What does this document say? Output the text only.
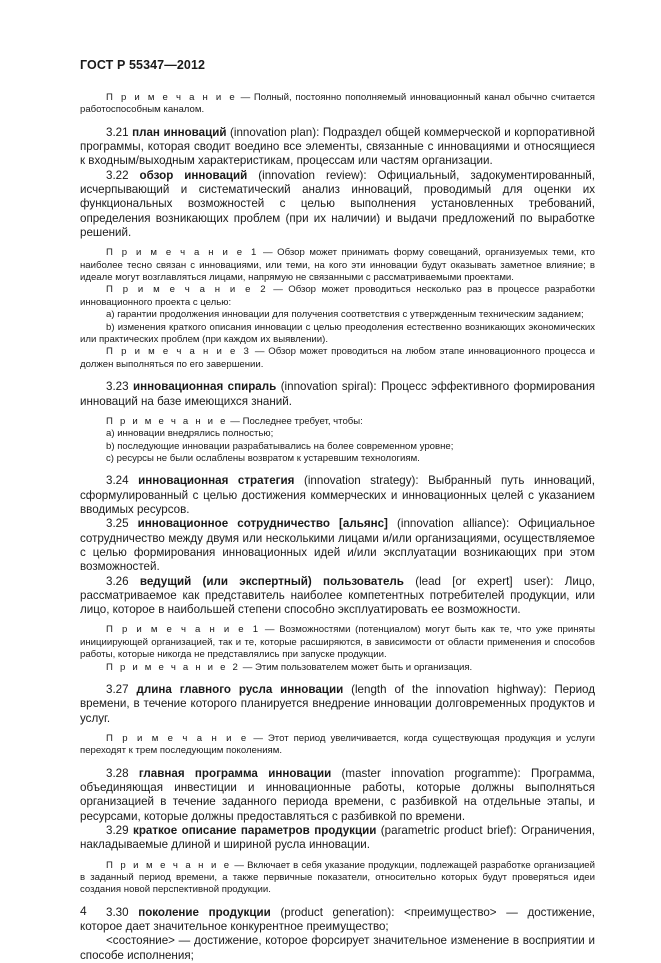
ГОСТ Р 55347—2012

П р и м е ч а н и е — Полный, постоянно пополняемый инновационный канал обычно считается работоспособным каналом.

3.21 план инноваций (innovation plan): Подраздел общей коммерческой и корпоративной программы, которая сводит воедино все элементы, связанные с инновациями и относящиеся к входным/выходным характеристикам, процессам или частям организации.

3.22 обзор инноваций (innovation review): Официальный, задокументированный, исчерпывающий и систематический анализ инноваций, проводимый для оценки их функциональных возможностей с целью выполнения установленных требований, определения возникающих проблем (при их наличии) и выдачи предложений по выработке решений.

П р и м е ч а н и е 1 — Обзор может принимать форму совещаний, организуемых теми, кто наиболее тесно связан с инновациями, или теми, на кого эти инновации будут оказывать заметное влияние; в идеале могут возглавляться лицами, напрямую не связанными с рассматриваемыми проектами.

П р и м е ч а н и е 2 — Обзор может проводиться несколько раз в процессе разработки инновационного проекта с целью:

а) гарантии продолжения инновации для получения соответствия с утвержденным техническим заданием;

b) изменения краткого описания инновации с целью преодоления естественно возникающих экономических или практических проблем (при каждом их выявлении).

П р и м е ч а н и е 3 — Обзор может проводиться на любом этапе инновационного процесса и должен выполняться по его завершении.

3.23 инновационная спираль (innovation spiral): Процесс эффективного формирования инноваций на базе имеющихся знаний.

П р и м е ч а н и е — Последнее требует, чтобы:

а) инновации внедрялись полностью;

b) последующие инновации разрабатывались на более современном уровне;

с) ресурсы не были ослаблены возвратом к устаревшим технологиям.

3.24 инновационная стратегия (innovation strategy): Выбранный путь инноваций, сформулированный с целью достижения коммерческих и инновационных целей с указанием вводимых ресурсов.

3.25 инновационное сотрудничество [альянс] (innovation alliance): Официальное сотрудничество между двумя или несколькими лицами и/или организациями, осуществляемое с целью формирования инновационных идей и/или эксплуатации возникающих при этом возможностей.

3.26 ведущий (или экспертный) пользователь (lead [or expert] user): Лицо, рассматриваемое как представитель наиболее компетентных потребителей продукции, или лицо, которое в наибольшей степени способно эксплуатировать ее возможности.

П р и м е ч а н и е 1 — Возможностями (потенциалом) могут быть как те, что уже приняты инициирующей организацией, так и те, которые расширяются, в зависимости от области применения и способов работы, которые никогда не представлялись при запуске продукции.

П р и м е ч а н и е 2 — Этим пользователем может быть и организация.

3.27 длина главного русла инновации (length of the innovation highway): Период времени, в течение которого планируется внедрение инновации долговременных продуктов и услуг.

П р и м е ч а н и е — Этот период увеличивается, когда существующая продукция и услуги переходят к трем последующим поколениям.

3.28 главная программа инновации (master innovation programme): Программа, объединяющая инвестиции и инновационные работы, которые должны выполняться организацией в течение заданного периода времени, с разбивкой на отдельные этапы, и ресурсами, которые должны предоставляться с разбивкой по времени.

3.29 краткое описание параметров продукции (parametric product brief): Ограничения, накладываемые длиной и шириной русла инновации.

П р и м е ч а н и е — Включает в себя указание продукции, подлежащей разработке организацией в заданный период времени, а также первичные показатели, относительно которых будут проверяться идеи создания новой перспективной продукции.

3.30 поколение продукции (product generation): <преимущество> — достижение, которое дает значительное конкурентное преимущество;

<состояние> — достижение, которое форсирует значительное изменение в восприятии и способе исполнения;

4
